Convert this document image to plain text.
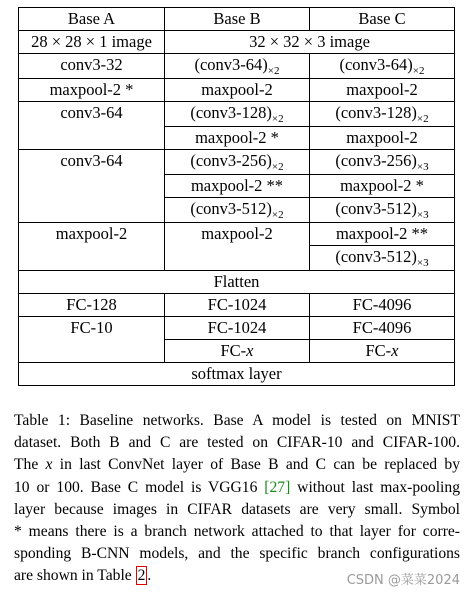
Base A	Base B	Base C
28 × 28 × 1 image	32 × 32 × 3 image	
conv3-32	$(conv3-64)_{\times 2}$	$(conv3-64)_{\times 2}$
maxpool-2 *	maxpool-2	maxpool-2
conv3-64	$(conv3-128)_{\times 2}$	$(conv3-128)_{\times 2}$
	maxpool-2 *	maxpool-2
conv3-64	$(conv3-256)_{\times 2}$	$(conv3-256)_{\times 3}$
	maxpool-2 **	maxpool-2 *
	$(conv3-512)_{\times 2}$	$(conv3-512)_{\times 3}$
maxpool-2	maxpool-2	maxpool-2 **
		$(conv3-512)_{\times 3}$
Flatten		
FC-128	FC-1024	FC-4096
FC-10	FC-1024	FC-4096
	FC-x	FC-x
softmax layer		
Table 1: Baseline networks. Base A model is tested on MNIST
dataset. Both B and C are tested on CIFAR-10 and CIFAR-100.
The x in last ConvNet layer of Base B and C can be replaced by
10 or 100. Base C model is VGG16 [27] without last max-pooling
layer because images in CIFAR datasets are very small. Symbol
* means there is a branch network attached to that layer for corre-
sponding B-CNN models, and the specific branch configurations
are shown in Table 2 .	CSDN @菜菜2024
